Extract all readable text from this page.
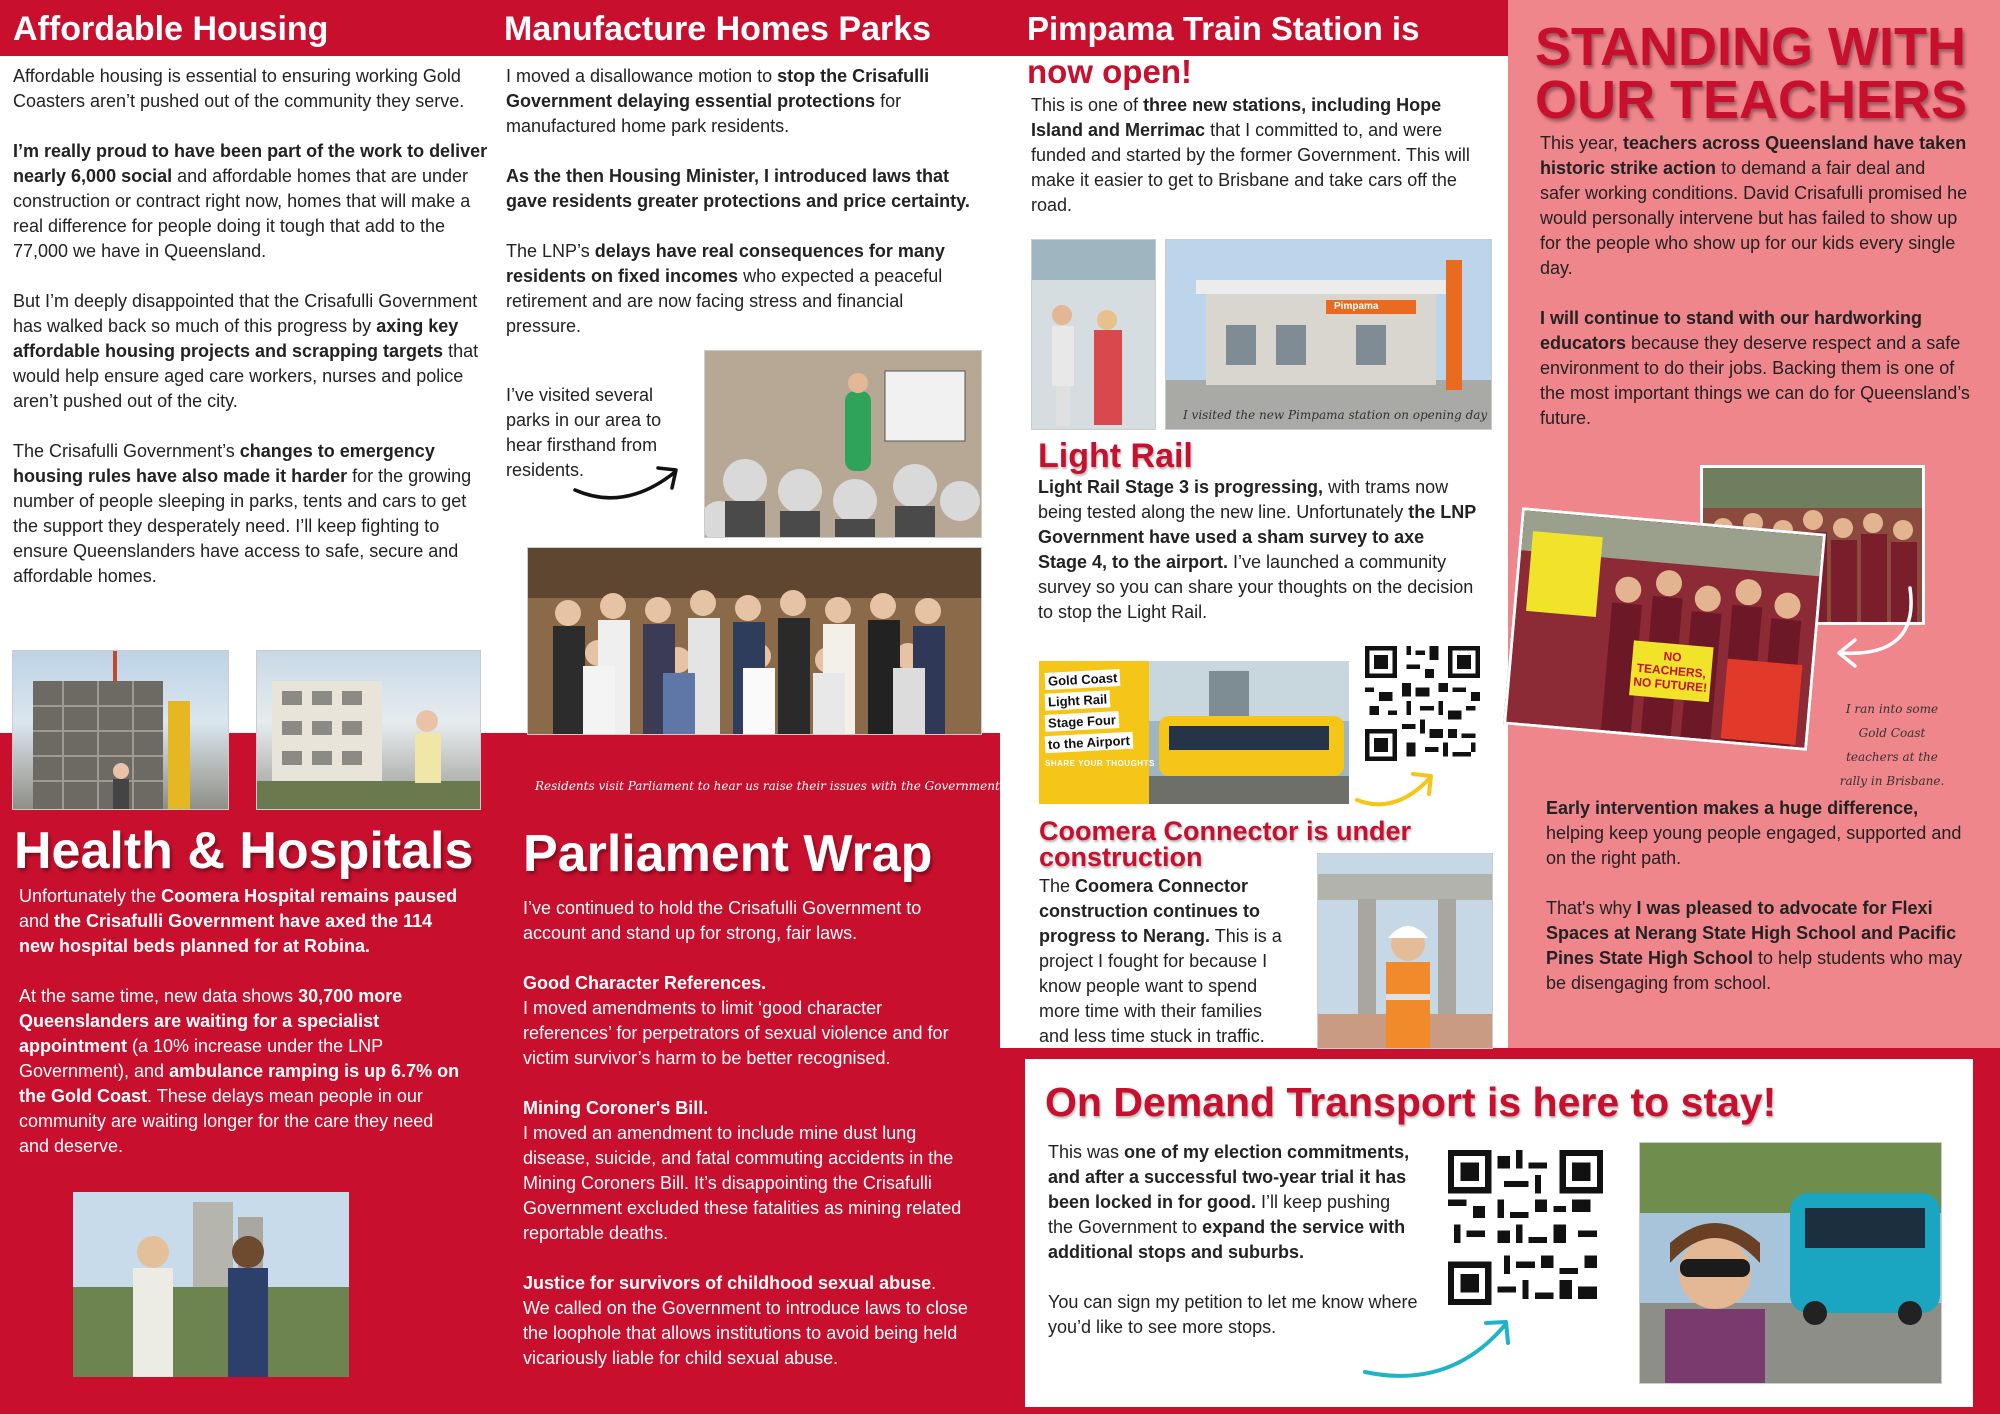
Affordable Housing

Affordable housing is essential to ensuring working Gold Coasters aren’t pushed out of the community they serve.

I’m really proud to have been part of the work to deliver nearly 6,000 social and affordable homes that are under construction or contract right now, homes that will make a real difference for people doing it tough that add to the 77,000 we have in Queensland.

But I’m deeply disappointed that the Crisafulli Government has walked back so much of this progress by axing key affordable housing projects and scrapping targets that would help ensure aged care workers, nurses and police aren’t pushed out of the city.

The Crisafulli Government’s changes to emergency housing rules have also made it harder for the growing number of people sleeping in parks, tents and cars to get the support they desperately need. I’ll keep fighting to ensure Queenslanders have access to safe, secure and affordable homes.

Manufacture Homes Parks

I moved a disallowance motion to stop the Crisafulli Government delaying essential protections for manufactured home park residents.

As the then Housing Minister, I introduced laws that gave residents greater protections and price certainty.

The LNP’s delays have real consequences for many residents on fixed incomes who expected a peaceful retirement and are now facing stress and financial pressure.

I’ve visited several parks in our area to hear firsthand from residents.
Residents visit Parliament to hear us raise their issues with the Government
Pimpama Train Station is
now open!

This is one of three new stations, including Hope Island and Merrimac that I committed to, and were funded and started by the former Government. This will make it easier to get to Brisbane and take cars off the road.

Pimpama
I visited the new Pimpama station on opening day
Light Rail

Light Rail Stage 3 is progressing, with trams now being tested along the new line. Unfortunately the LNP Government have used a sham survey to axe Stage 4, to the airport. I’ve launched a community survey so you can share your thoughts on the decision to stop the Light Rail.

Gold Coast
Light Rail
Stage Four
to the Airport

SHARE YOUR THOUGHTS
Coomera Connector is under
construction

The Coomera Connector construction continues to progress to Nerang. This is a project I fought for because I know people want to spend more time with their families and less time stuck in traffic.

STANDING WITH
OUR TEACHERS

This year, teachers across Queensland have taken historic strike action to demand a fair deal and safer working conditions. David Crisafulli promised he would personally intervene but has failed to show up for the people who show up for our kids every single day.

I will continue to stand with our hardworking educators because they deserve respect and a safe environment to do their jobs. Backing them is one of the most important things we can do for Queensland’s future.

NO TEACHERS, NO FUTURE!
I ran into some Gold Coast teachers at the rally in Brisbane.

Early intervention makes a huge difference, helping keep young people engaged, supported and on the right path.

That's why I was pleased to advocate for Flexi Spaces at Nerang State High School and Pacific Pines State High School to help students who may be disengaging from school.

Health & Hospitals

Unfortunately the Coomera Hospital remains paused and the Crisafulli Government have axed the 114 new hospital beds planned for at Robina.

At the same time, new data shows 30,700 more Queenslanders are waiting for a specialist appointment (a 10% increase under the LNP Government), and ambulance ramping is up 6.7% on the Gold Coast. These delays mean people in our community are waiting longer for the care they need and deserve.

Parliament Wrap

I’ve continued to hold the Crisafulli Government to account and stand up for strong, fair laws.

Good Character References.

I moved amendments to limit ‘good character references’ for perpetrators of sexual violence and for victim survivor’s harm to be better recognised.

Mining Coroner's Bill.

I moved an amendment to include mine dust lung disease, suicide, and fatal commuting accidents in the Mining Coroners Bill. It’s disappointing the Crisafulli Government excluded these fatalities as mining related reportable deaths.

Justice for survivors of childhood sexual abuse.

We called on the Government to introduce laws to close the loophole that allows institutions to avoid being held vicariously liable for child sexual abuse.

On Demand Transport is here to stay!

This was one of my election commitments, and after a successful two-year trial it has been locked in for good. I’ll keep pushing the Government to expand the service with additional stops and suburbs.

You can sign my petition to let me know where you’d like to see more stops.
